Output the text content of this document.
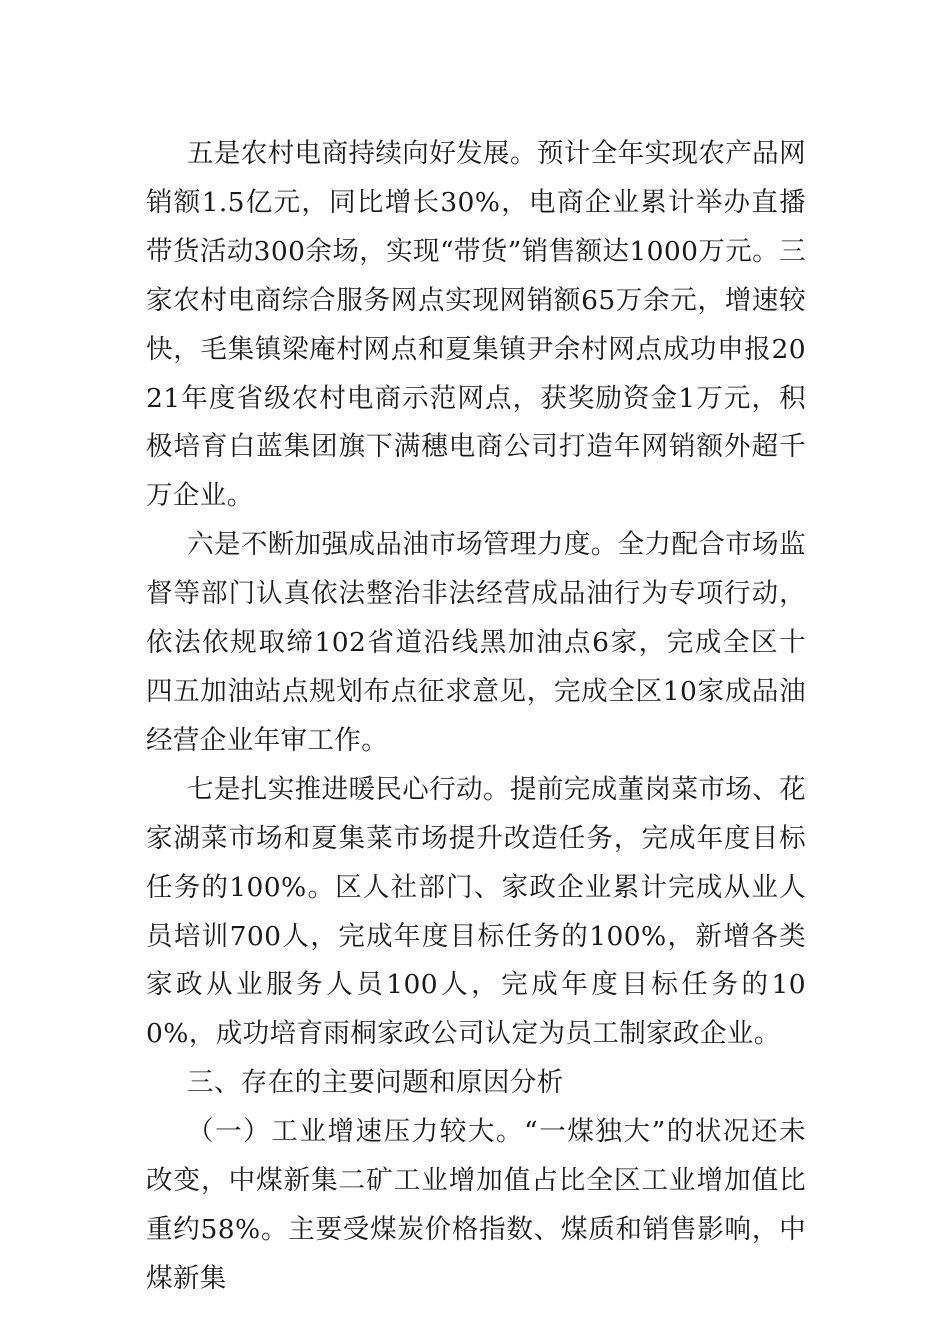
五是农村电商持续向好发展。预计全年实现农产品网销额1.5亿元，同比增长30%，电商企业累计举办直播带货活动300余场，实现“带货”销售额达1000万元。三家农村电商综合服务网点实现网销额65万余元，增速较快，毛集镇梁庵村网点和夏集镇尹余村网点成功申报2021年度省级农村电商示范网点，获奖励资金1万元，积极培育白蓝集团旗下满穗电商公司打造年网销额外超千万企业。

六是不断加强成品油市场管理力度。全力配合市场监督等部门认真依法整治非法经营成品油行为专项行动，依法依规取缔102省道沿线黑加油点6家，完成全区十四五加油站点规划布点征求意见，完成全区10家成品油经营企业年审工作。

七是扎实推进暖民心行动。提前完成董岗菜市场、花家湖菜市场和夏集菜市场提升改造任务，完成年度目标任务的100%。区人社部门、家政企业累计完成从业人员培训700人，完成年度目标任务的100%，新增各类家政从业服务人员100人，完成年度目标任务的100%，成功培育雨桐家政公司认定为员工制家政企业。

三、存在的主要问题和原因分析

（一）工业增速压力较大。“一煤独大”的状况还未改变，中煤新集二矿工业增加值占比全区工业增加值比重约58%。主要受煤炭价格指数、煤质和销售影响，中煤新集
